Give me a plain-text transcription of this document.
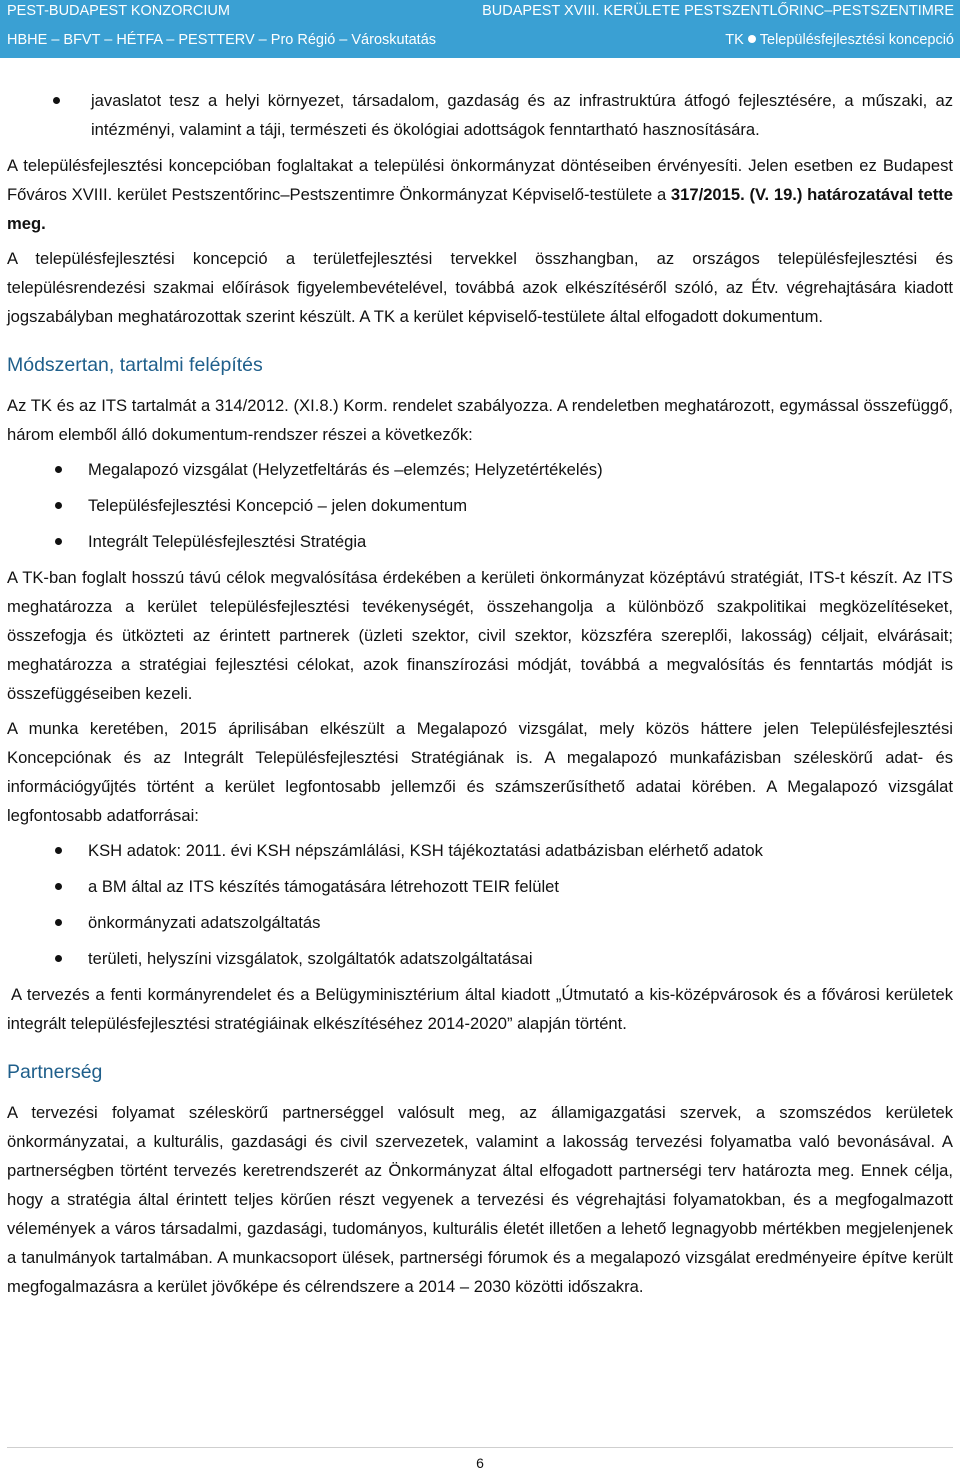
PEST-BUDAPEST KONZORCIUM	BUDAPEST XVIII. KERÜLETE PESTSZENTLŐRINC–PESTSZENTIMRE
HBHE – BFVT – HÉTFA – PESTTERV – Pro Régió – Városkutatás	TK Településfejlesztési koncepció
javaslatot tesz a helyi környezet, társadalom, gazdaság és az infrastruktúra átfogó fejlesztésére, a műszaki, az intézményi, valamint a táji, természeti és ökológiai adottságok fenntartható hasznosítására.

A településfejlesztési koncepcióban foglaltakat a települési önkormányzat döntéseiben érvényesíti. Jelen esetben ez Budapest Főváros XVIII. kerület Pestszentőrinc–Pestszentimre Önkormányzat Képviselő-testülete a 317/2015. (V. 19.) határozatával tette meg.

A településfejlesztési koncepció a területfejlesztési tervekkel összhangban, az országos településfejlesztési és településrendezési szakmai előírások figyelembevételével, továbbá azok elkészítéséről szóló, az Étv. végrehajtására kiadott jogszabályban meghatározottak szerint készült. A TK a kerület képviselő-testülete által elfogadott dokumentum.

Módszertan, tartalmi felépítés

Az TK és az ITS tartalmát a 314/2012. (XI.8.) Korm. rendelet szabályozza. A rendeletben meghatározott, egymással összefüggő, három elemből álló dokumentum-rendszer részei a következők:

Megalapozó vizsgálat (Helyzetfeltárás és –elemzés; Helyzetértékelés)
Településfejlesztési Koncepció – jelen dokumentum
Integrált Településfejlesztési Stratégia

A TK-ban foglalt hosszú távú célok megvalósítása érdekében a kerületi önkormányzat középtávú stratégiát, ITS-t készít. Az ITS meghatározza a kerület településfejlesztési tevékenységét, összehangolja a különböző szakpolitikai megközelítéseket, összefogja és ütközteti az érintett partnerek (üzleti szektor, civil szektor, közszféra szereplői, lakosság) céljait, elvárásait; meghatározza a stratégiai fejlesztési célokat, azok finanszírozási módját, továbbá a megvalósítás és fenntartás módját is összefüggéseiben kezeli.

A munka keretében, 2015 áprilisában elkészült a Megalapozó vizsgálat, mely közös háttere jelen Településfejlesztési Koncepciónak és az Integrált Településfejlesztési Stratégiának is. A megalapozó munkafázisban széleskörű adat- és információgyűjtés történt a kerület legfontosabb jellemzői és számszerűsíthető adatai körében. A Megalapozó vizsgálat legfontosabb adatforrásai:

KSH adatok: 2011. évi KSH népszámlálási, KSH tájékoztatási adatbázisban elérhető adatok
a BM által az ITS készítés támogatására létrehozott TEIR felület
önkormányzati adatszolgáltatás
területi, helyszíni vizsgálatok, szolgáltatók adatszolgáltatásai

A tervezés a fenti kormányrendelet és a Belügyminisztérium által kiadott „Útmutató a kis-középvárosok és a fővárosi kerületek integrált településfejlesztési stratégiáinak elkészítéséhez 2014-2020” alapján történt.

Partnerség

A tervezési folyamat széleskörű partnerséggel valósult meg, az államigazgatási szervek, a szomszédos kerületek önkormányzatai, a kulturális, gazdasági és civil szervezetek, valamint a lakosság tervezési folyamatba való bevonásával. A partnerségben történt tervezés keretrendszerét az Önkormányzat által elfogadott partnerségi terv határozta meg. Ennek célja, hogy a stratégia által érintett teljes körűen részt vegyenek a tervezési és végrehajtási folyamatokban, és a megfogalmazott vélemények a város társadalmi, gazdasági, tudományos, kulturális életét illetően a lehető legnagyobb mértékben megjelenjenek a tanulmányok tartalmában. A munkacsoport ülések, partnerségi fórumok és a megalapozó vizsgálat eredményeire építve került megfogalmazásra a kerület jövőképe és célrendszere a 2014 – 2030 közötti időszakra.

6
